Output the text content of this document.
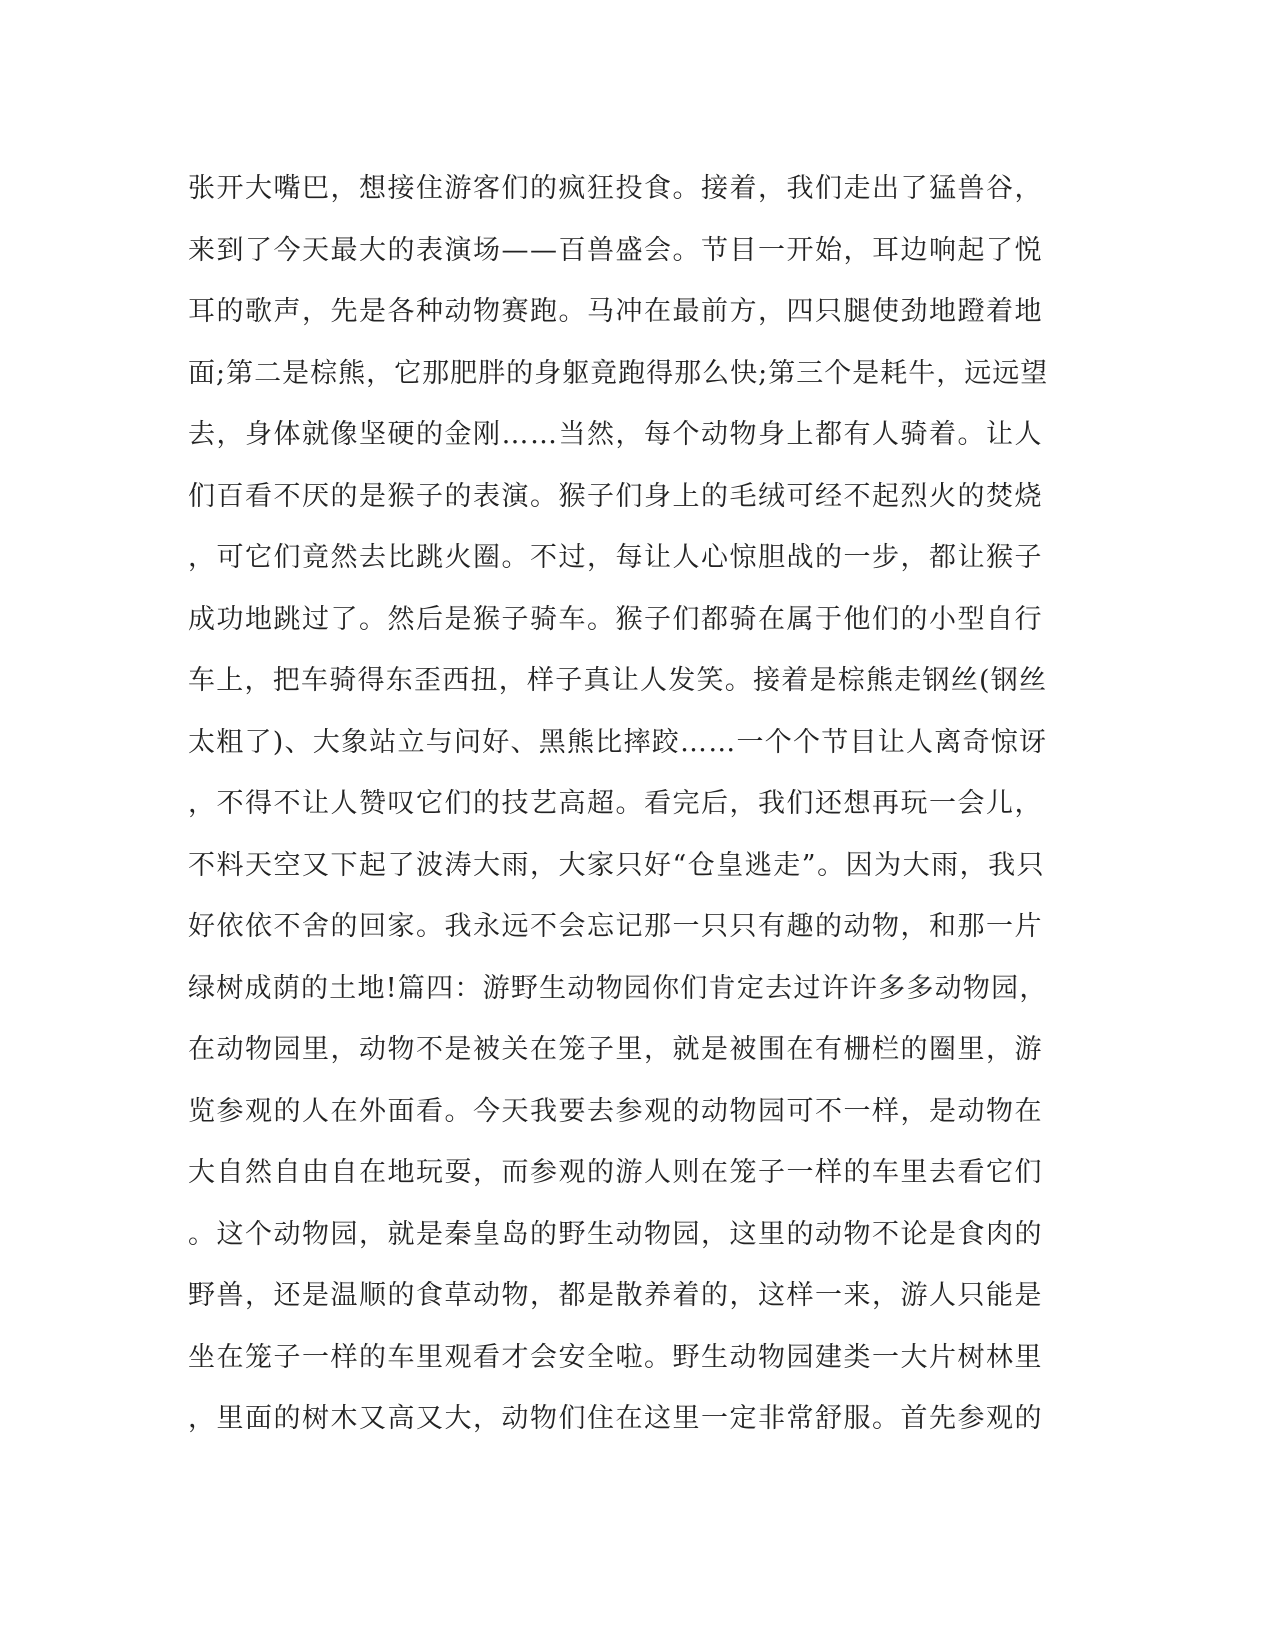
张开大嘴巴，想接住游客们的疯狂投食。接着，我们走出了猛兽谷，
来到了今天最大的表演场——百兽盛会。节目一开始，耳边响起了悦
耳的歌声，先是各种动物赛跑。马冲在最前方，四只腿使劲地蹬着地
面;第二是棕熊，它那肥胖的身躯竟跑得那么快;第三个是耗牛，远远望
去，身体就像坚硬的金刚……当然，每个动物身上都有人骑着。让人
们百看不厌的是猴子的表演。猴子们身上的毛绒可经不起烈火的焚烧
，可它们竟然去比跳火圈。不过，每让人心惊胆战的一步，都让猴子
成功地跳过了。然后是猴子骑车。猴子们都骑在属于他们的小型自行
车上，把车骑得东歪西扭，样子真让人发笑。接着是棕熊走钢丝(钢丝
太粗了)、大象站立与问好、黑熊比摔跤……一个个节目让人离奇惊讶
，不得不让人赞叹它们的技艺高超。看完后，我们还想再玩一会儿，
不料天空又下起了波涛大雨，大家只好“仓皇逃走”。因为大雨，我只
好依依不舍的回家。我永远不会忘记那一只只有趣的动物，和那一片
绿树成荫的土地!篇四：游野生动物园你们肯定去过许许多多动物园，
在动物园里，动物不是被关在笼子里，就是被围在有栅栏的圈里，游
览参观的人在外面看。今天我要去参观的动物园可不一样，是动物在
大自然自由自在地玩耍，而参观的游人则在笼子一样的车里去看它们
。这个动物园，就是秦皇岛的野生动物园，这里的动物不论是食肉的
野兽，还是温顺的食草动物，都是散养着的，这样一来，游人只能是
坐在笼子一样的车里观看才会安全啦。野生动物园建类一大片树林里
，里面的树木又高又大，动物们住在这里一定非常舒服。首先参观的
